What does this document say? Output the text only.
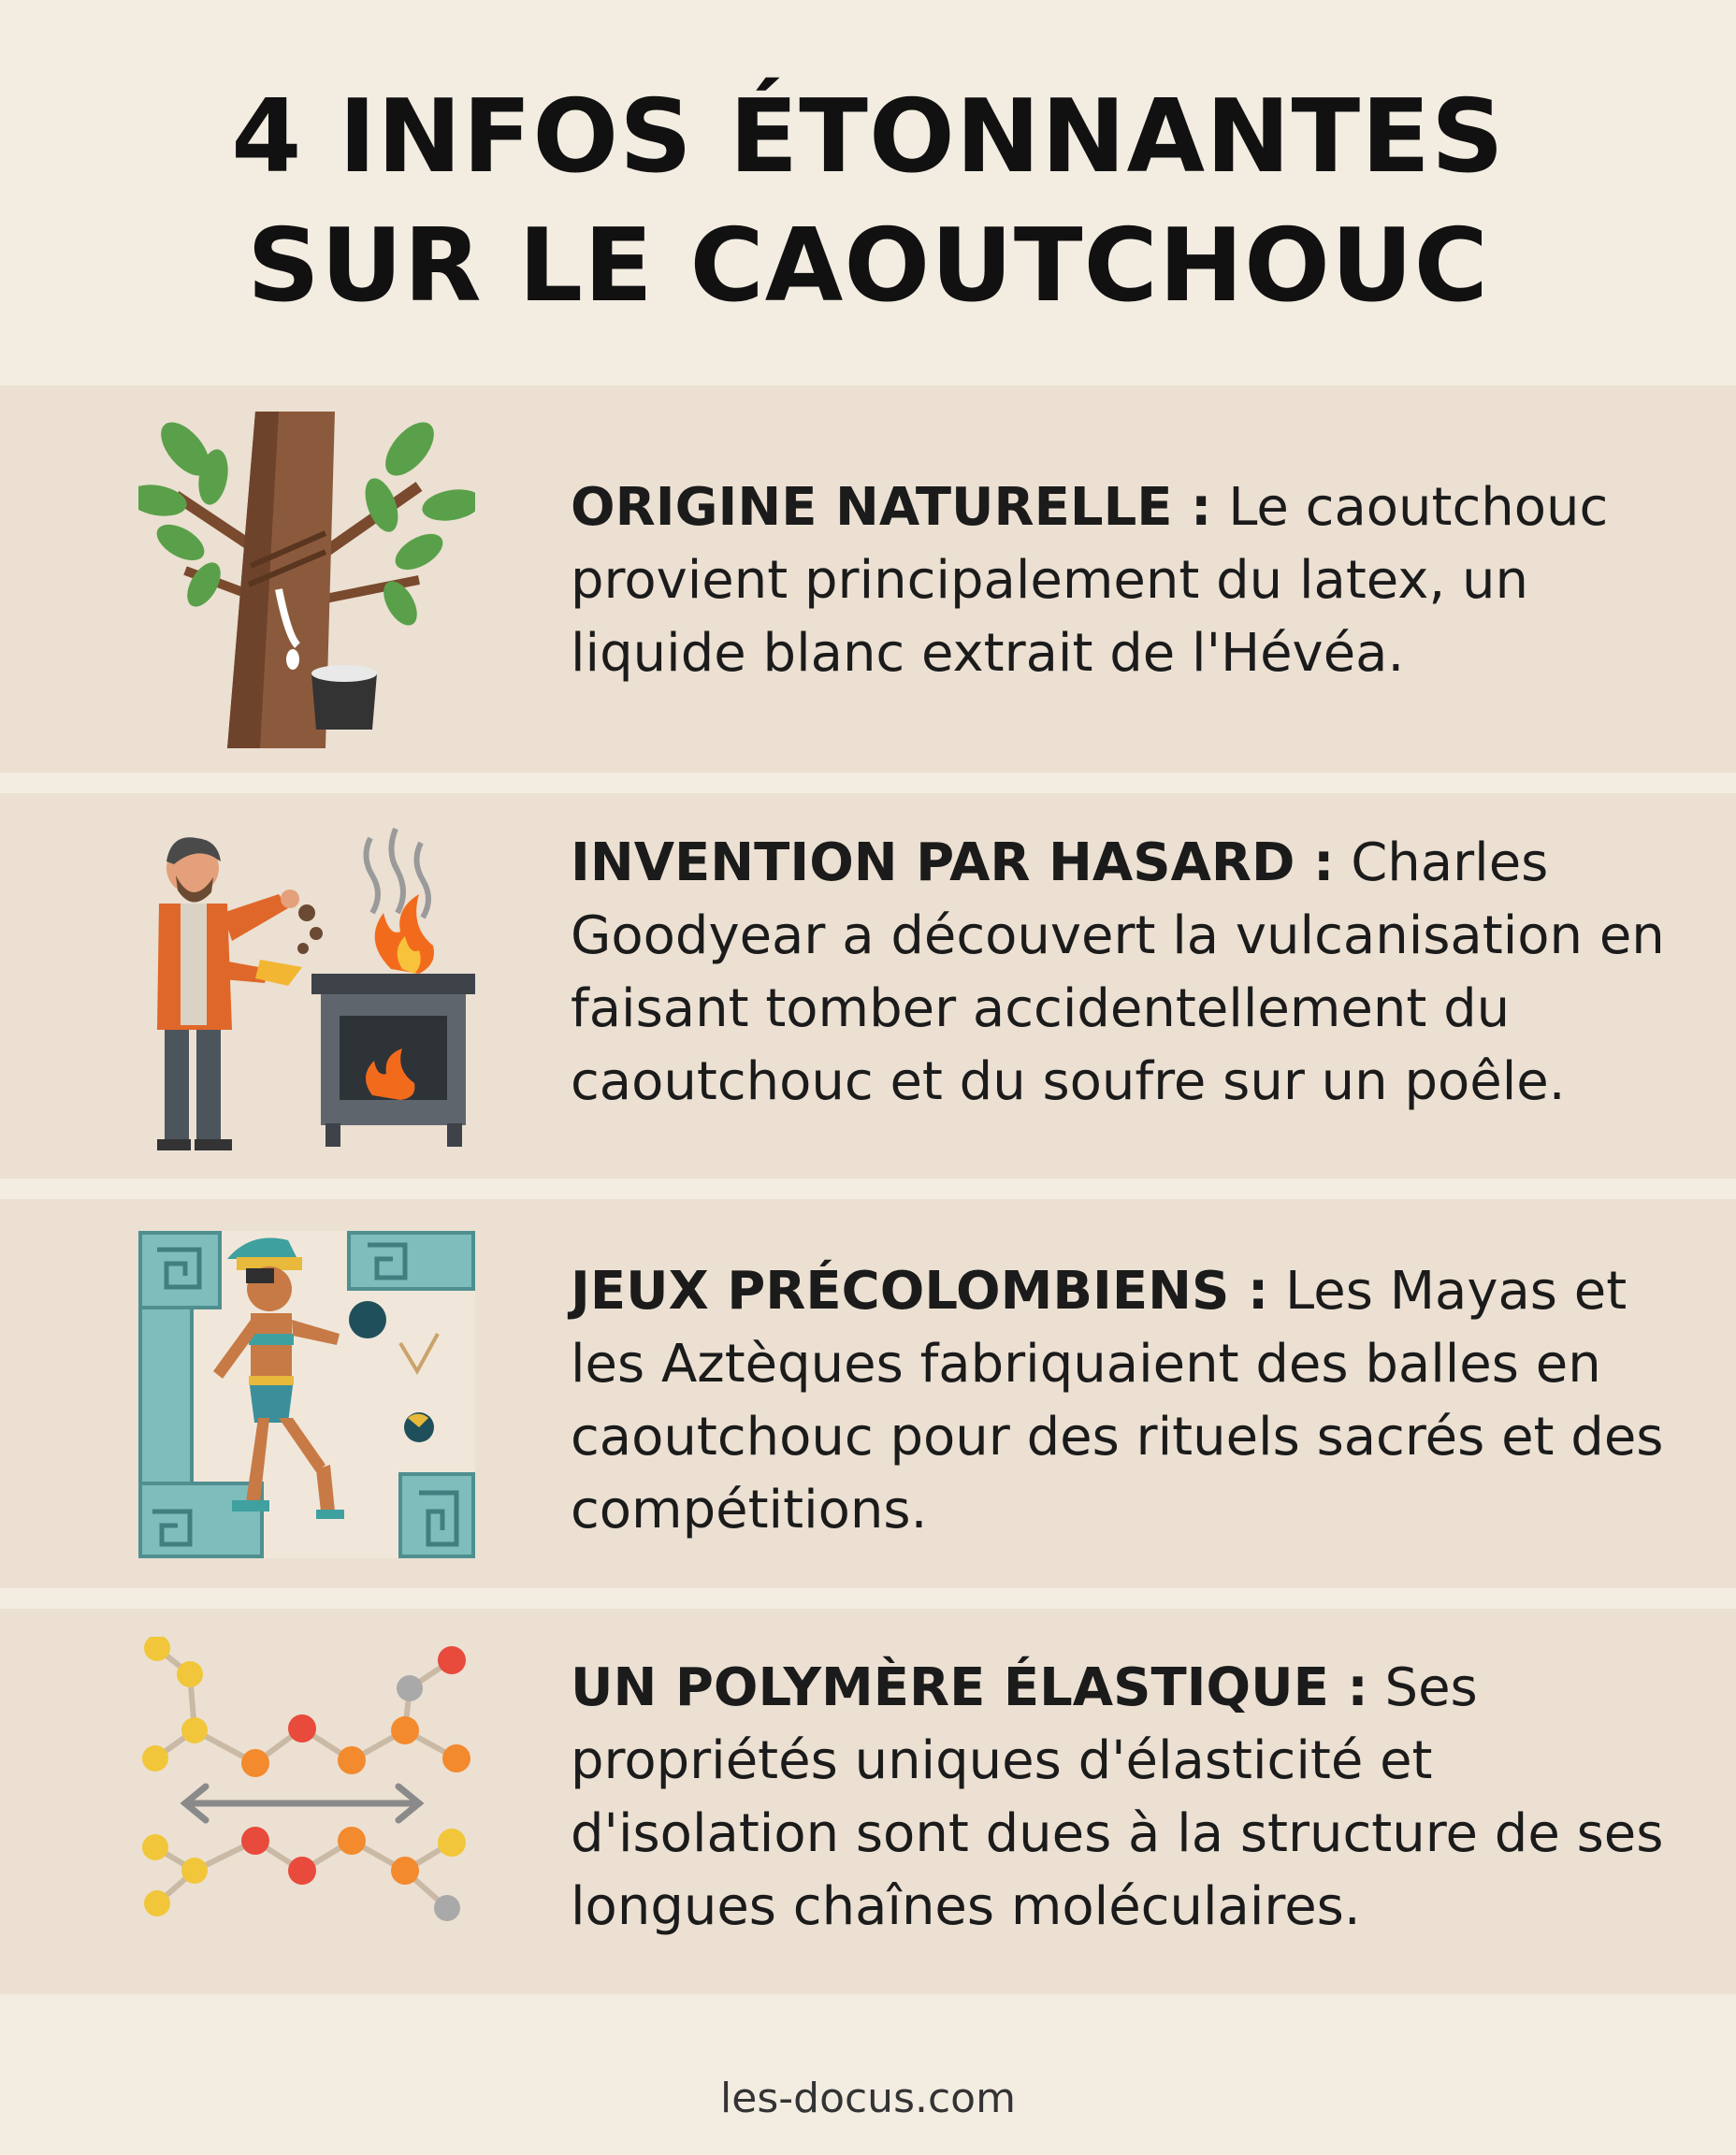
4 INFOS ÉTONNANTES
SUR LE CAOUTCHOUC
ORIGINE NATURELLE : Le caoutchouc provient principalement du latex, un liquide blanc extrait de l'Hévéa.
INVENTION PAR HASARD : Charles Goodyear a découvert la vulcanisation en faisant tomber accidentellement du caoutchouc et du soufre sur un poêle.
JEUX PRÉCOLOMBIENS : Les Mayas et les Aztèques fabriquaient des balles en caoutchouc pour des rituels sacrés et des compétitions.
UN POLYMÈRE ÉLASTIQUE : Ses propriétés uniques d'élasticité et d'isolation sont dues à la structure de ses longues chaînes moléculaires.
les-docus.com
